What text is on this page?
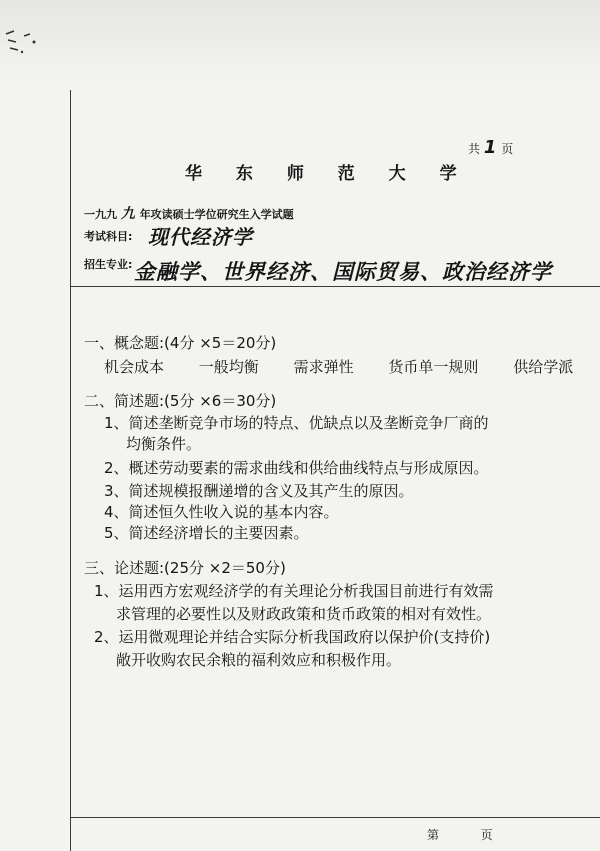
共 1 页
华 东 师 范 大 学
一九九 九 年攻读硕士学位研究生入学试题
考试科目: 现代经济学
招生专业: 金融学、世界经济、国际贸易、政治经济学
一、概念题:(4分 ×5＝20分)
机会成本 一般均衡 需求弹性 货币单一规则 供给学派
二、简述题:(5分 ×6＝30分)
1、简述垄断竞争市场的特点、优缺点以及垄断竞争厂商的
均衡条件。
2、概述劳动要素的需求曲线和供给曲线特点与形成原因。
3、简述规模报酬递增的含义及其产生的原因。
4、简述恒久性收入说的基本内容。
5、简述经济增长的主要因素。
三、论述题:(25分 ×2＝50分)
1、运用西方宏观经济学的有关理论分析我国目前进行有效需
求管理的必要性以及财政政策和货币政策的相对有效性。
2、运用微观理论并结合实际分析我国政府以保护价(支持价)
敞开收购农民余粮的福利效应和积极作用。
第	页
